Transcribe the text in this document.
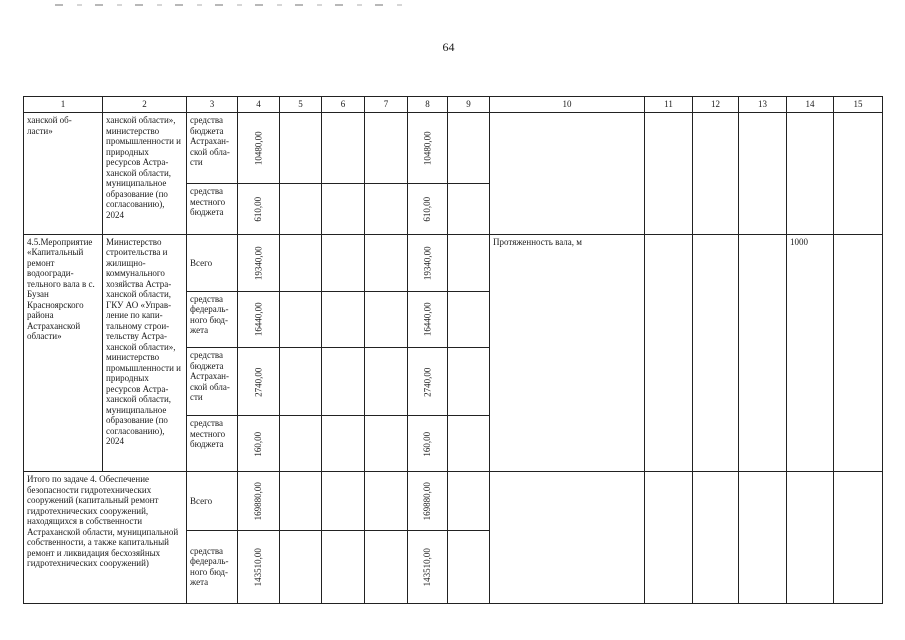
64
1	2	3	4	5	6	7	8	9	10	11	12	13	14	15
ханской об- ласти»	ханской области», министерство промышленности и природных ресурсов Астра- ханской области, муниципальное образование (по согласованию), 2024	средства бюджета Астрахан- ской обла- сти	10480,00				10480,00							
		средства местного бюджета	610,00				610,00							
4.5.Мероприятие «Капитальный ремонт водоогради- тельного вала в с. Бузан Красноярского района Астраханской области»	Министерство строительства и жилищно- коммунального хозяйства Астра- ханской области, ГКУ АО «Управ- ление по капи- тальному строи- тельству Астра- ханской области», министерство промышленности и природных ресурсов Астра- ханской области, муниципальное образование (по согласованию), 2024	Всего	19340,00				19340,00		Протяженность вала, м				1000	
		средства федераль- ного бюд- жета	16440,00				16440,00							
		средства бюджета Астрахан- ской обла- сти	2740,00				2740,00							
		средства местного бюджета	160,00				160,00							
Итого по задаче 4. Обеспечение безопасности гидротехнических сооружений (капитальный ремонт гидротехнических сооружений, находящихся в собственности Астраханской области, муниципальной собственности, а также капитальный ремонт и ликвидация бесхозяйных гидротехнических сооружений)		Всего	169880,00				169880,00							
		средства федераль- ного бюд- жета	143510,00				143510,00							
